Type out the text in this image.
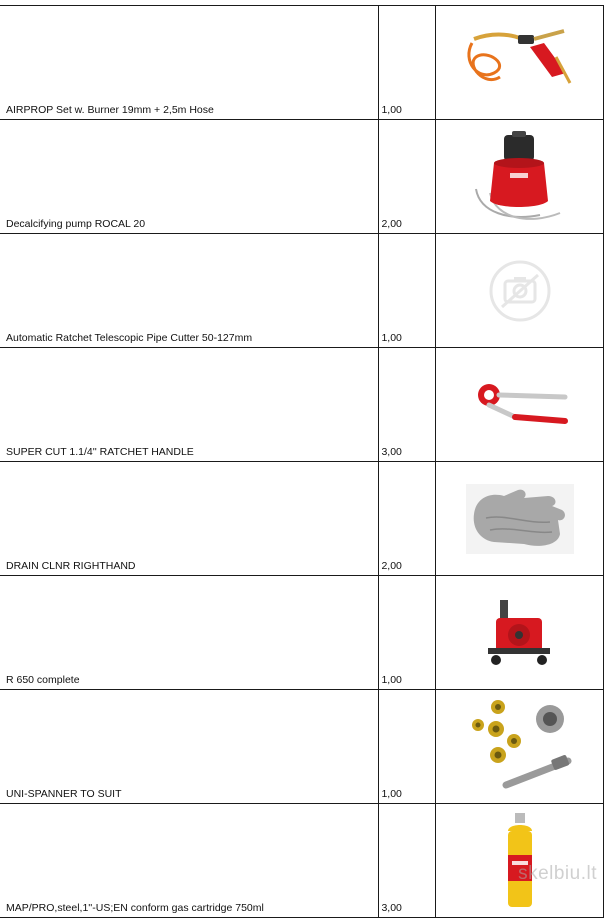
AIRPROP Set w. Burner 19mm + 2,5m Hose	1,00	

Decalcifying pump ROCAL 20	2,00	

Automatic Ratchet Telescopic Pipe Cutter 50-127mm	1,00	

SUPER CUT 1.1/4'' RATCHET HANDLE	3,00	

DRAIN CLNR RIGHTHAND	2,00	

R 650 complete	1,00	

UNI-SPANNER TO SUIT	1,00	

MAP/PRO,steel,1''-US;EN conform gas cartridge 750ml	3,00	skelbiu.lt
